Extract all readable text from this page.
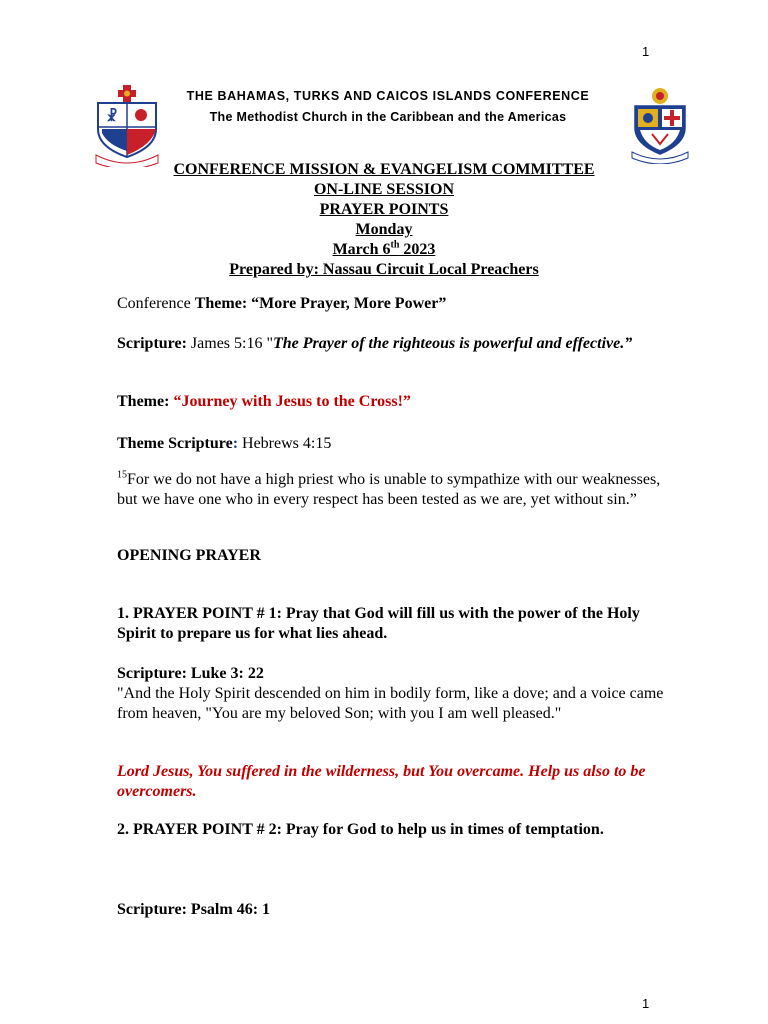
1
☧
THE BAHAMAS, TURKS AND CAICOS ISLANDS CONFERENCE
The Methodist Church in the Caribbean and the Americas
CONFERENCE MISSION & EVANGELISM COMMITTEE
ON-LINE SESSION
PRAYER POINTS
Monday
March 6th 2023
Prepared by: Nassau Circuit Local Preachers
Conference Theme: “More Prayer, More Power”
Scripture: James 5:16 "The Prayer of the righteous is powerful and effective.”
Theme: “Journey with Jesus to the Cross!”
Theme Scripture: Hebrews 4:15
$^{15}$For we do not have a high priest who is unable to sympathize with our weaknesses, but we have one who in every respect has been tested as we are, yet without sin.”
OPENING PRAYER
1. PRAYER POINT # 1: Pray that God will fill us with the power of the Holy Spirit to prepare us for what lies ahead.
Scripture: Luke 3: 22
"And the Holy Spirit descended on him in bodily form, like a dove; and a voice came from heaven, "You are my beloved Son; with you I am well pleased."
Lord Jesus, You suffered in the wilderness, but You overcame. Help us also to be overcomers.
2. PRAYER POINT # 2: Pray for God to help us in times of temptation.
Scripture: Psalm 46: 1
1
